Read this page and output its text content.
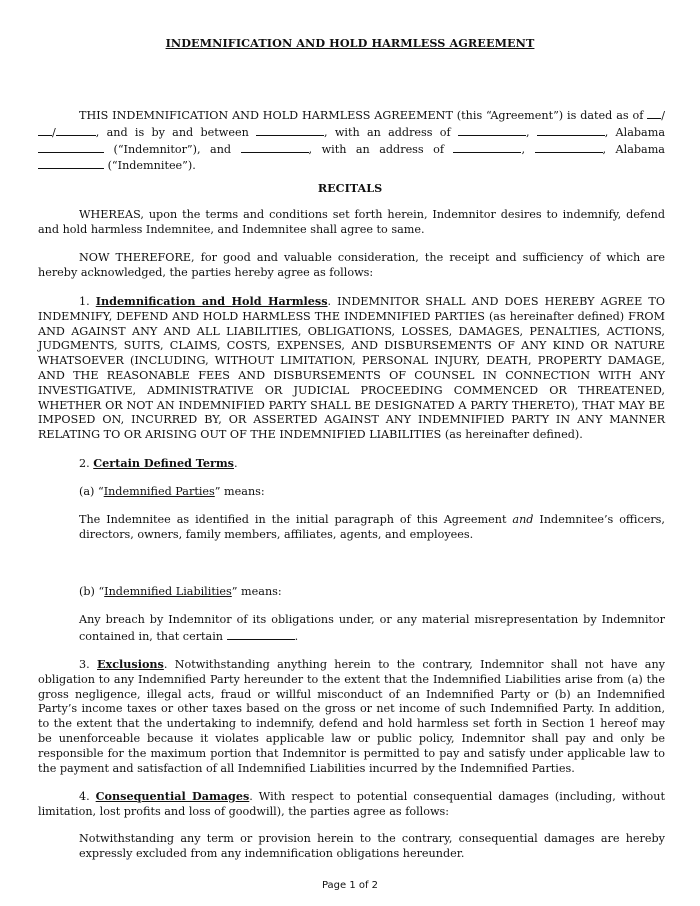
INDEMNIFICATION AND HOLD HARMLESS AGREEMENT

THIS INDEMNIFICATION AND HOLD HARMLESS AGREEMENT (this “Agreement”) is dated as of //	, and is by and between	, with an address of	,	, Alabama  (“Indemnitor”), and	, with an address of	,	, Alabama  (“Indemnitee”).

RECITALS

WHEREAS, upon the terms and conditions set forth herein, Indemnitor desires to indemnify, defend and hold harmless Indemnitee, and Indemnitee shall agree to same.

NOW THEREFORE, for good and valuable consideration, the receipt and sufficiency of which are hereby acknowledged, the parties hereby agree as follows:

1. Indemnification and Hold Harmless. INDEMNITOR SHALL AND DOES HEREBY AGREE TO INDEMNIFY, DEFEND AND HOLD HARMLESS THE INDEMNIFIED PARTIES (as hereinafter defined) FROM AND AGAINST ANY AND ALL LIABILITIES, OBLIGATIONS, LOSSES, DAMAGES, PENALTIES, ACTIONS, JUDGMENTS, SUITS, CLAIMS, COSTS, EXPENSES, AND DISBURSEMENTS OF ANY KIND OR NATURE WHATSOEVER (INCLUDING, WITHOUT LIMITATION, PERSONAL INJURY, DEATH, PROPERTY DAMAGE, AND THE REASONABLE FEES AND DISBURSEMENTS OF COUNSEL IN CONNECTION WITH ANY INVESTIGATIVE, ADMINISTRATIVE OR JUDICIAL PROCEEDING COMMENCED OR THREATENED, WHETHER OR NOT AN INDEMNIFIED PARTY SHALL BE DESIGNATED A PARTY THERETO), THAT MAY BE IMPOSED ON, INCURRED BY, OR ASSERTED AGAINST ANY INDEMNIFIED PARTY IN ANY MANNER RELATING TO OR ARISING OUT OF THE INDEMNIFIED LIABILITIES (as hereinafter defined).

2. Certain Defined Terms.

(a) “Indemnified Parties” means:

The Indemnitee as identified in the initial paragraph of this Agreement and Indemnitee’s officers, directors, owners, family members, affiliates, agents, and employees.

(b) “Indemnified Liabilities” means:

Any breach by Indemnitor of its obligations under, or any material misrepresentation by Indemnitor contained in, that certain	.

3. Exclusions. Notwithstanding anything herein to the contrary, Indemnitor shall not have any obligation to any Indemnified Party hereunder to the extent that the Indemnified Liabilities arise from (a) the gross negligence, illegal acts, fraud or willful misconduct of an Indemnified Party or (b) an Indemnified Party’s income taxes or other taxes based on the gross or net income of such Indemnified Party. In addition, to the extent that the undertaking to indemnify, defend and hold harmless set forth in Section 1 hereof may be unenforceable because it violates applicable law or public policy, Indemnitor shall pay and only be responsible for the maximum portion that Indemnitor is permitted to pay and satisfy under applicable law to the payment and satisfaction of all Indemnified Liabilities incurred by the Indemnified Parties.

4. Consequential Damages. With respect to potential consequential damages (including, without limitation, lost profits and loss of goodwill), the parties agree as follows:

Notwithstanding any term or provision herein to the contrary, consequential damages are hereby expressly excluded from any indemnification obligations hereunder.

Page 1 of 2
